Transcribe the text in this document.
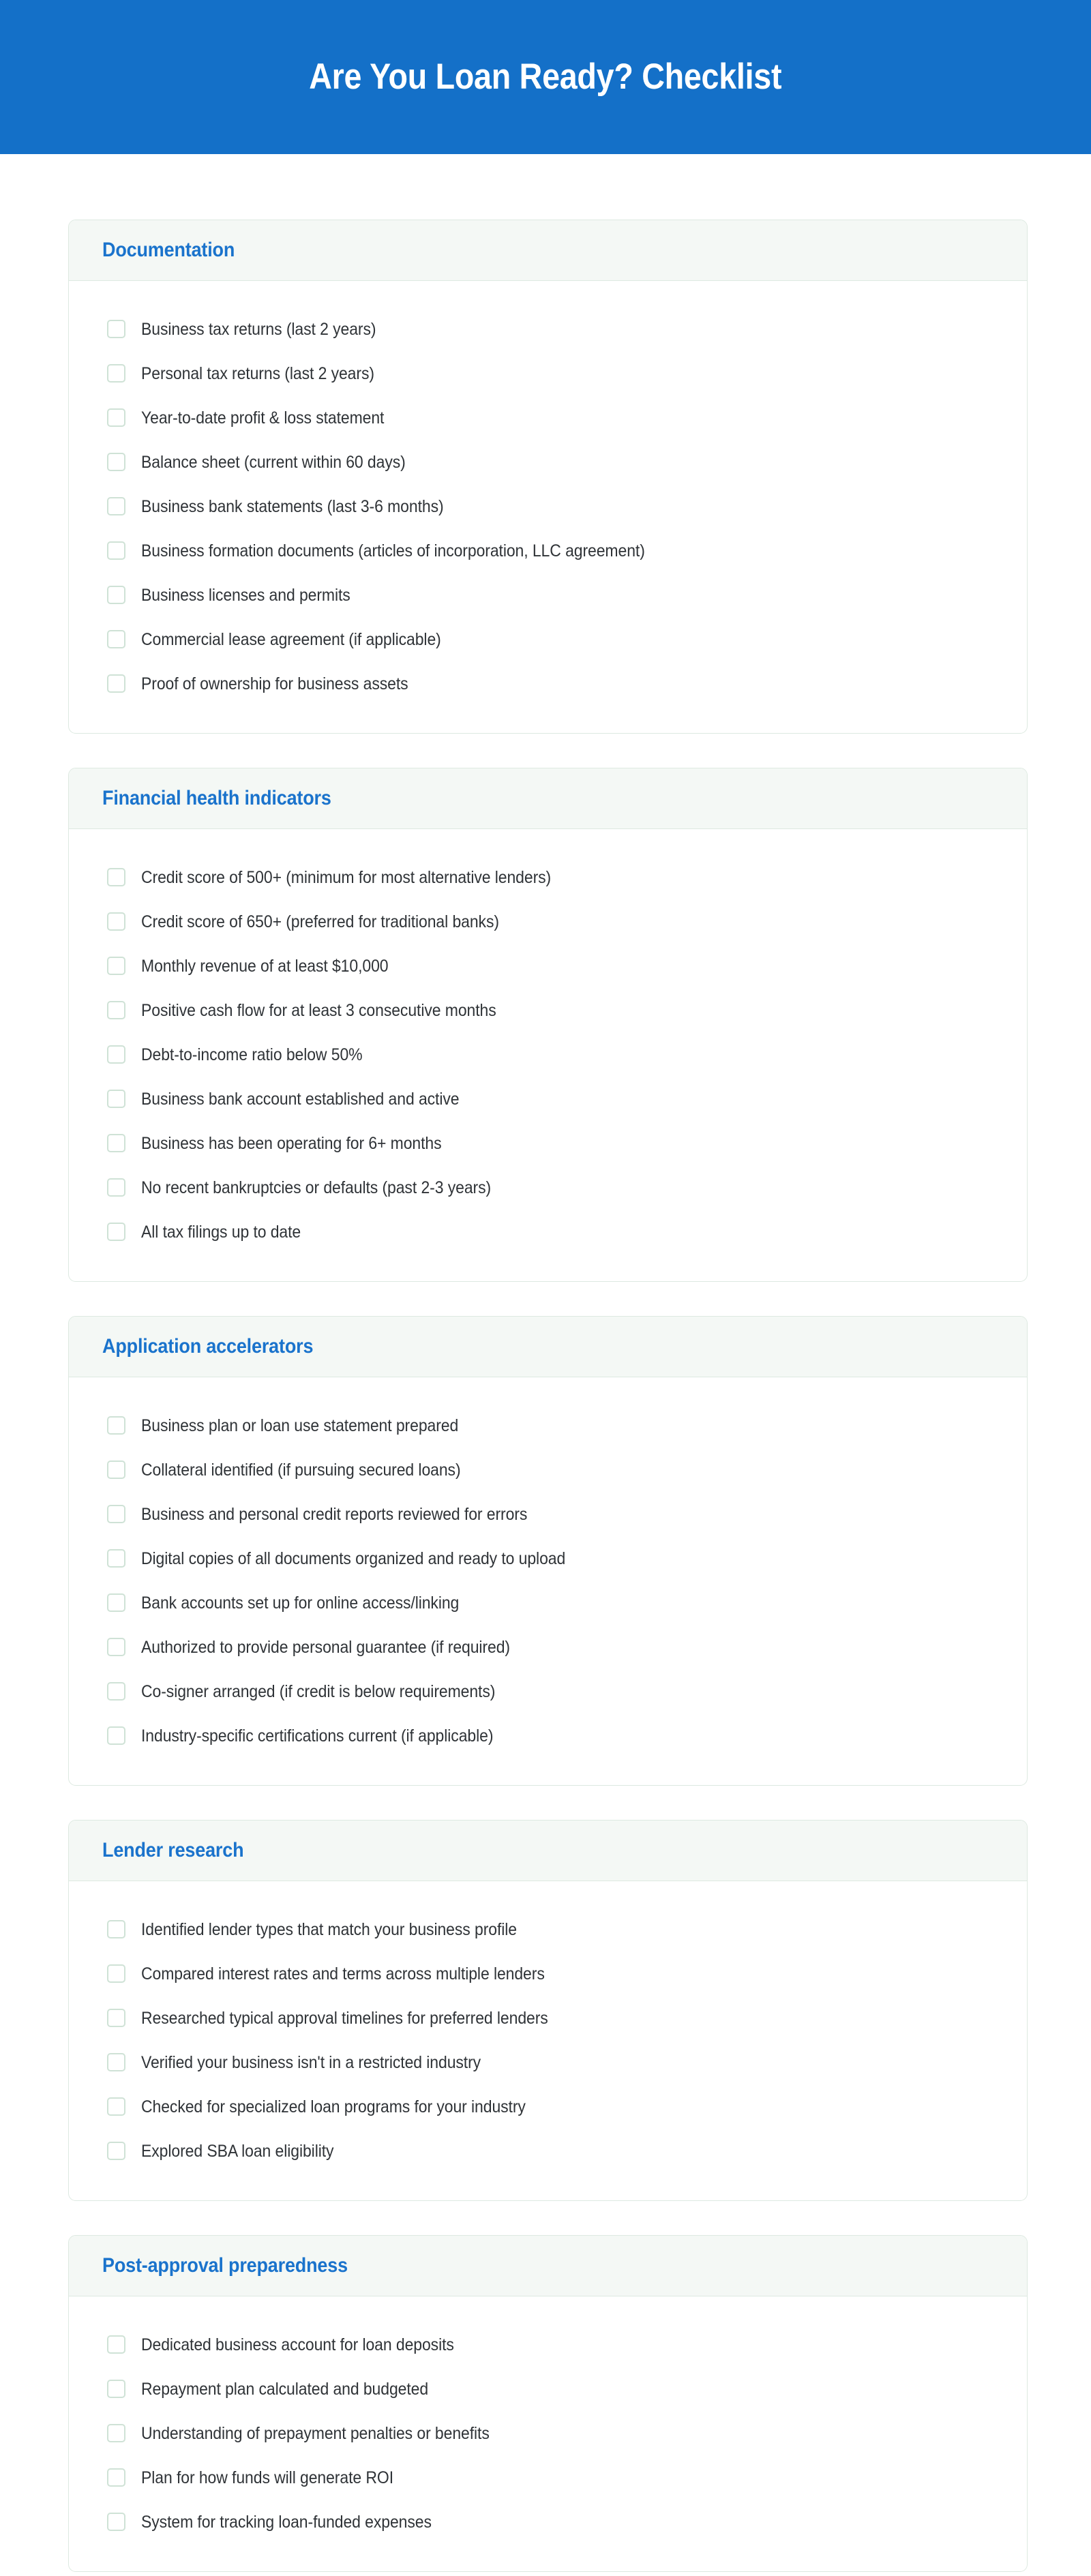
Are You Loan Ready? Checklist
Documentation
Business tax returns (last 2 years)
Personal tax returns (last 2 years)
Year-to-date profit & loss statement
Balance sheet (current within 60 days)
Business bank statements (last 3-6 months)
Business formation documents (articles of incorporation, LLC agreement)
Business licenses and permits
Commercial lease agreement (if applicable)
Proof of ownership for business assets
Financial health indicators
Credit score of 500+ (minimum for most alternative lenders)
Credit score of 650+ (preferred for traditional banks)
Monthly revenue of at least $10,000
Positive cash flow for at least 3 consecutive months
Debt-to-income ratio below 50%
Business bank account established and active
Business has been operating for 6+ months
No recent bankruptcies or defaults (past 2-3 years)
All tax filings up to date
Application accelerators
Business plan or loan use statement prepared
Collateral identified (if pursuing secured loans)
Business and personal credit reports reviewed for errors
Digital copies of all documents organized and ready to upload
Bank accounts set up for online access/linking
Authorized to provide personal guarantee (if required)
Co-signer arranged (if credit is below requirements)
Industry-specific certifications current (if applicable)
Lender research
Identified lender types that match your business profile
Compared interest rates and terms across multiple lenders
Researched typical approval timelines for preferred lenders
Verified your business isn't in a restricted industry
Checked for specialized loan programs for your industry
Explored SBA loan eligibility
Post-approval preparedness
Dedicated business account for loan deposits
Repayment plan calculated and budgeted
Understanding of prepayment penalties or benefits
Plan for how funds will generate ROI
System for tracking loan-funded expenses
